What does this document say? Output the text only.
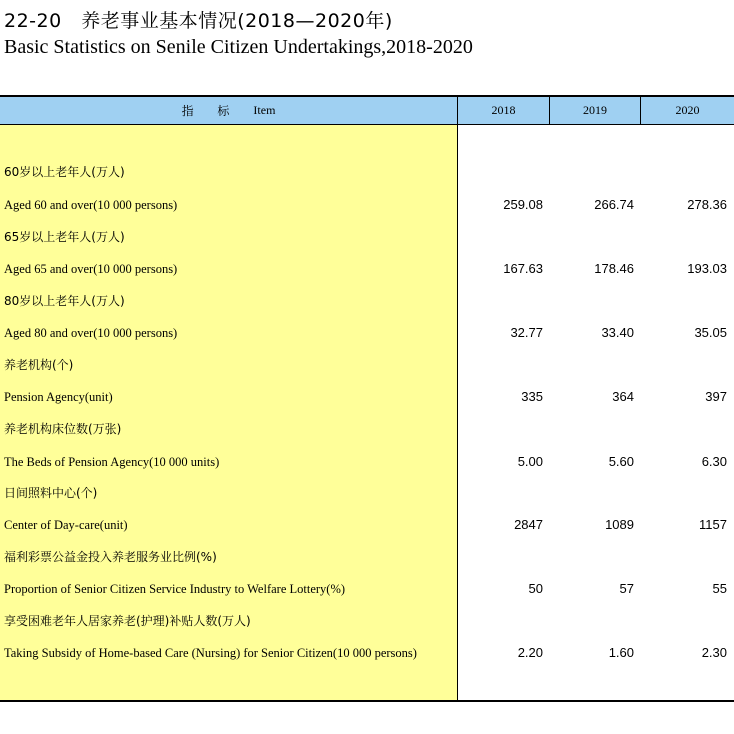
22-20　养老事业基本情况(2018—2020年)
Basic Statistics on Senile Citizen Undertakings,2018-2020
指 标 Item	2018	2019	2020
60岁以上老年人(万人)
Aged 60 and over(10 000 persons)	259.08	266.74	278.36
65岁以上老年人(万人)
Aged 65 and over(10 000 persons)	167.63	178.46	193.03
80岁以上老年人(万人)
Aged 80 and over(10 000 persons)	32.77	33.40	35.05
养老机构(个)
Pension Agency(unit)	335	364	397
养老机构床位数(万张)
The Beds of Pension Agency(10 000 units)	5.00	5.60	6.30
日间照料中心(个)
Center of Day-care(unit)	2847	1089	1157
福利彩票公益金投入养老服务业比例(%)
Proportion of Senior Citizen Service Industry to Welfare Lottery(%)	50	57	55
享受困难老年人居家养老(护理)补贴人数(万人)
Taking Subsidy of Home-based Care (Nursing) for Senior Citizen(10 000 persons)	2.20	1.60	2.30
